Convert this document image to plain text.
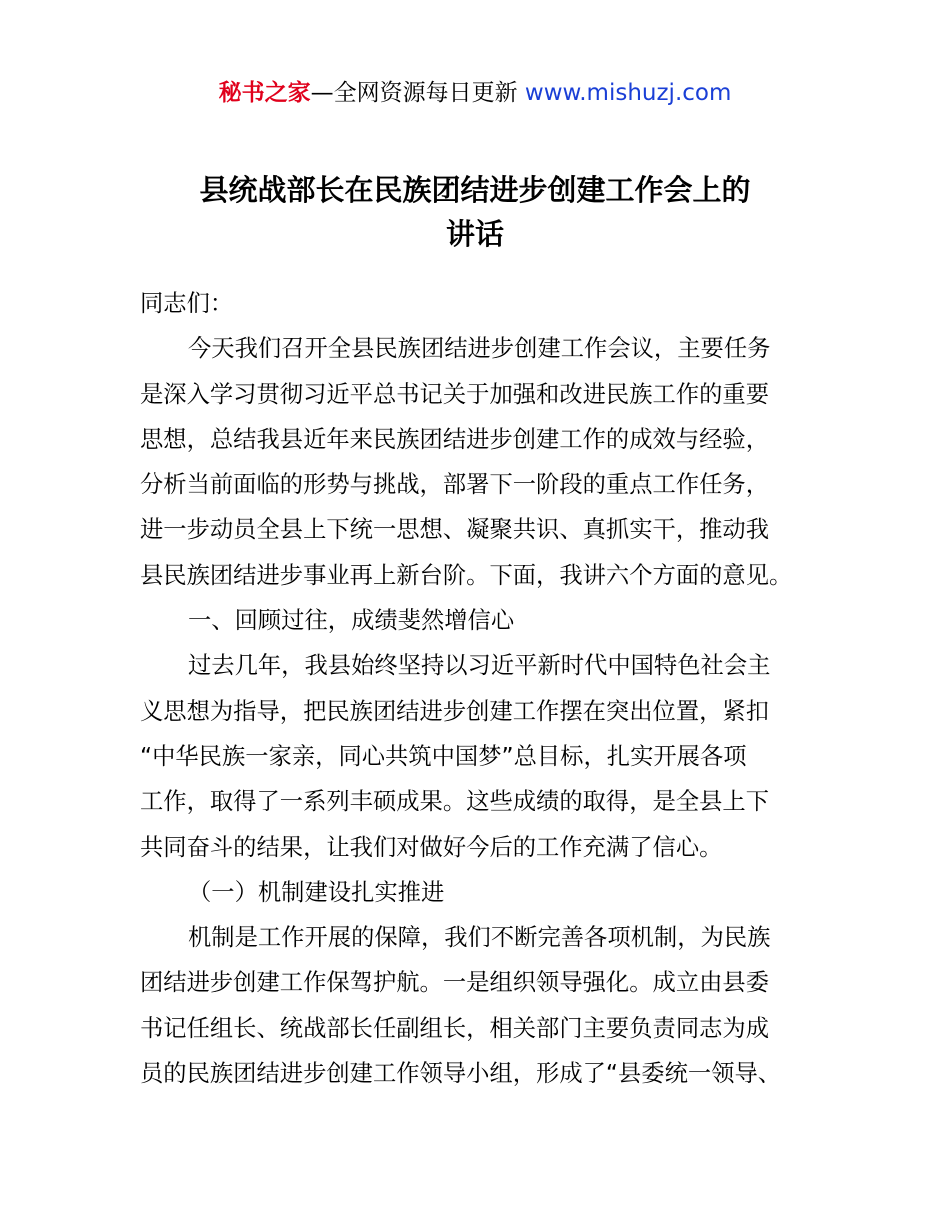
秘书之家—全网资源每日更新 www.mishuzj.com
县统战部长在民族团结进步创建工作会上的
讲话
同志们：
今天我们召开全县民族团结进步创建工作会议，主要任务
是深入学习贯彻习近平总书记关于加强和改进民族工作的重要
思想，总结我县近年来民族团结进步创建工作的成效与经验，
分析当前面临的形势与挑战，部署下一阶段的重点工作任务，
进一步动员全县上下统一思想、凝聚共识、真抓实干，推动我
县民族团结进步事业再上新台阶。下面，我讲六个方面的意见。
一、回顾过往，成绩斐然增信心
过去几年，我县始终坚持以习近平新时代中国特色社会主
义思想为指导，把民族团结进步创建工作摆在突出位置，紧扣
“中华民族一家亲，同心共筑中国梦”总目标，扎实开展各项
工作，取得了一系列丰硕成果。这些成绩的取得，是全县上下
共同奋斗的结果，让我们对做好今后的工作充满了信心。
（一）机制建设扎实推进
机制是工作开展的保障，我们不断完善各项机制，为民族
团结进步创建工作保驾护航。一是组织领导强化。成立由县委
书记任组长、统战部长任副组长，相关部门主要负责同志为成
员的民族团结进步创建工作领导小组，形成了“县委统一领导、
